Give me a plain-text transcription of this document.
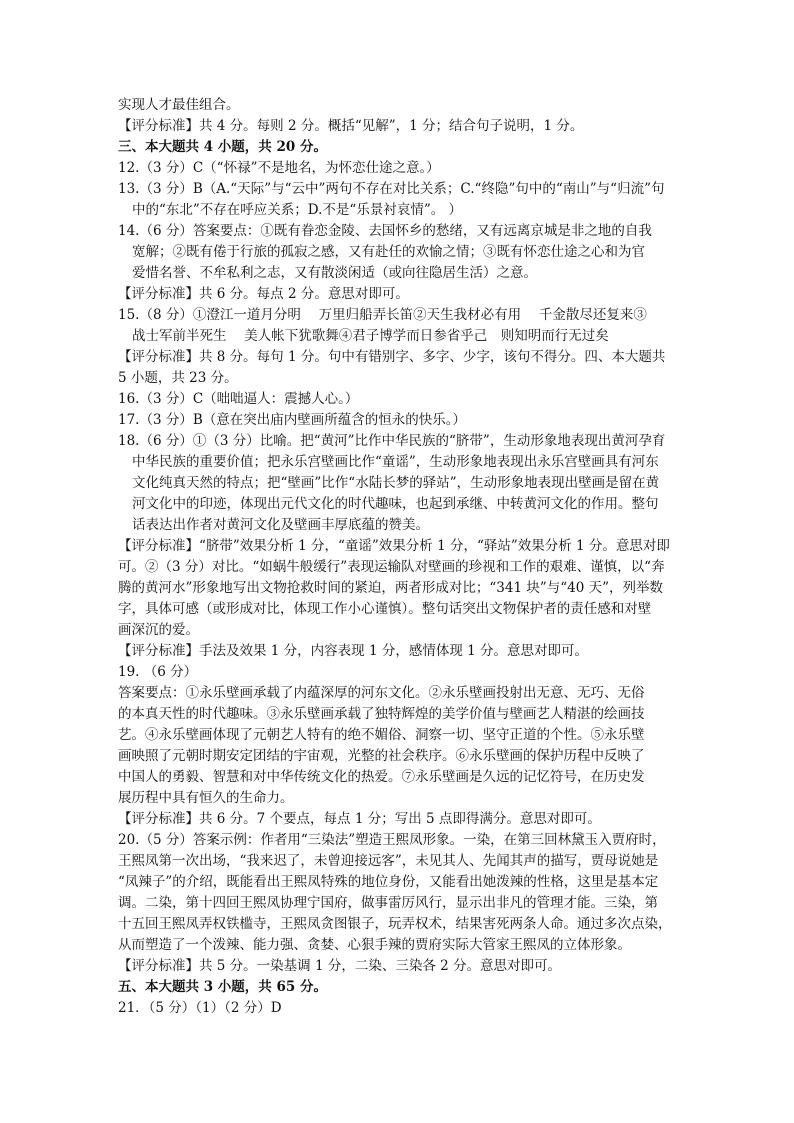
实现人才最佳组合。
【评分标准】共 4 分。每则 2 分。概括“见解”，1 分；结合句子说明，1 分。
三、本大题共 4 小题，共 20 分。
12.（3 分）C（“怀禄”不是地名，为怀恋仕途之意。）
13.（3 分）B（A.“天际”与“云中”两句不存在对比关系；C.“终隐”句中的“南山”与“归流”句
中的“东北”不存在呼应关系；D.不是“乐景衬哀情”。 ）
14.（6 分）答案要点：①既有眷恋金陵、去国怀乡的愁绪，又有远离京城是非之地的自我
宽解；②既有倦于行旅的孤寂之感，又有赴任的欢愉之情；③既有怀恋仕途之心和为官
爱惜名誉、不牟私利之志，又有散淡闲适（或向往隐居生活）之意。
【评分标准】共 6 分。每点 2 分。意思对即可。
15.（8 分）①澄江一道月分明　 万里归船弄长笛②天生我材必有用　 千金散尽还复来③
战士军前半死生　 美人帐下犹歌舞④君子博学而日参省乎己　则知明而行无过矣
【评分标准】共 8 分。每句 1 分。句中有错别字、多字、少字，该句不得分。四、本大题共
5 小题，共 23 分。
16.（3 分）C（咄咄逼人：震撼人心。）
17.（3 分）B（意在突出庙内壁画所蕴含的恒永的快乐。）
18.（6 分）①（3 分）比喻。把“黄河”比作中华民族的“脐带”，生动形象地表现出黄河孕育
中华民族的重要价值；把永乐宫壁画比作“童谣”，生动形象地表现出永乐宫壁画具有河东
文化纯真天然的特点；把“壁画”比作“水陆长梦的驿站”，生动形象地表现出壁画是留在黄
河文化中的印迹，体现出元代文化的时代趣味，也起到承继、中转黄河文化的作用。整句
话表达出作者对黄河文化及壁画丰厚底蕴的赞美。
【评分标准】“脐带”效果分析 1 分，“童谣”效果分析 1 分，“驿站”效果分析 1 分。意思对即
可。②（3 分）对比。“如蜗牛般缓行”表现运输队对壁画的珍视和工作的艰难、谨慎，以“奔
腾的黄河水”形象地写出文物抢救时间的紧迫，两者形成对比；“341 块”与“40 天”，列举数
字，具体可感（或形成对比，体现工作小心谨慎）。整句话突出文物保护者的责任感和对壁
画深沉的爱。
【评分标准】手法及效果 1 分，内容表现 1 分，感情体现 1 分。意思对即可。
19. （6 分）
答案要点：①永乐壁画承载了内蕴深厚的河东文化。②永乐壁画投射出无意、无巧、无俗
的本真天性的时代趣味。③永乐壁画承载了独特辉煌的美学价值与壁画艺人精湛的绘画技
艺。④永乐壁画体现了元朝艺人特有的绝不媚俗、洞察一切、坚守正道的个性。⑤永乐壁
画映照了元朝时期安定团结的宇宙观，光整的社会秩序。⑥永乐壁画的保护历程中反映了
中国人的勇毅、智慧和对中华传统文化的热爱。⑦永乐壁画是久远的记忆符号，在历史发
展历程中具有恒久的生命力。
【评分标准】共 6 分。7 个要点，每点 1 分；写出 5 点即得满分。意思对即可。
20.（5 分）答案示例：作者用“三染法”塑造王熙凤形象。一染，在第三回林黛玉入贾府时，
王熙凤第一次出场，“我来迟了，未曾迎接远客”，未见其人、先闻其声的描写，贾母说她是
“凤辣子”的介绍，既能看出王熙凤特殊的地位身份，又能看出她泼辣的性格，这里是基本定
调。二染，第十四回王熙凤协理宁国府，做事雷厉风行，显示出非凡的管理才能。三染，第
十五回王熙凤弄权铁槛寺，王熙凤贪图银子，玩弄权术，结果害死两条人命。通过多次点染，
从而塑造了一个泼辣、能力强、贪婪、心狠手辣的贾府实际大管家王熙凤的立体形象。
【评分标准】共 5 分。一染基调 1 分，二染、三染各 2 分。意思对即可。
五、本大题共 3 小题，共 65 分。
21．（5 分）（1）（2 分）D
